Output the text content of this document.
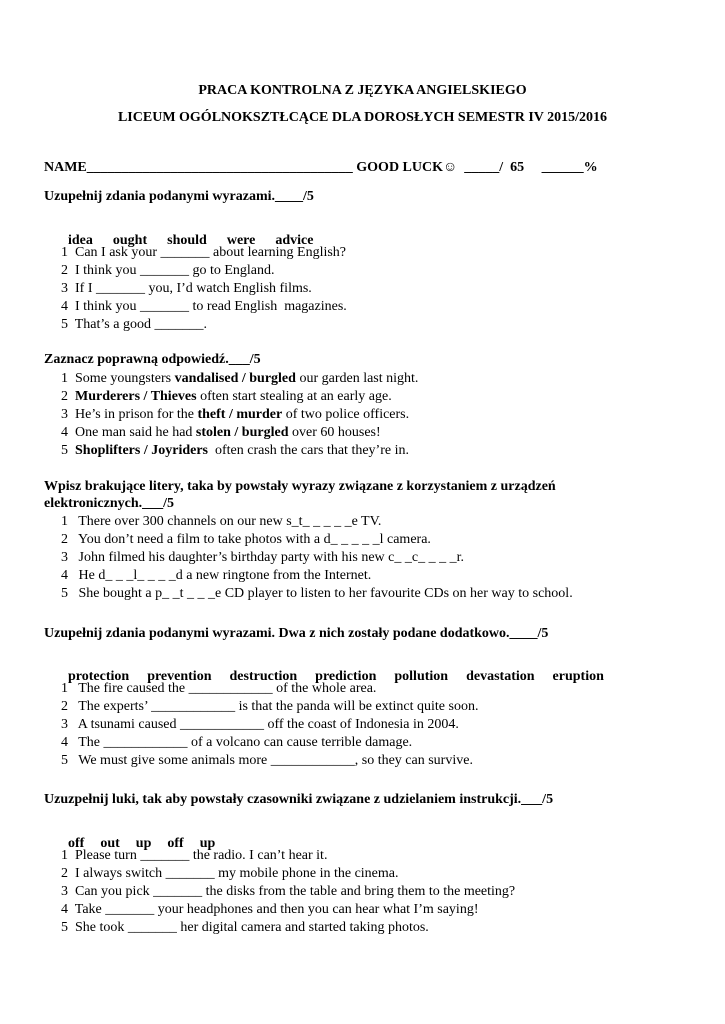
PRACA KONTROLNA Z JĘZYKA ANGIELSKIEGO
LICEUM OGÓLNOKSZTŁCĄCE DLA DOROSŁYCH SEMESTR IV 2015/2016
NAME______________________________________ GOOD LUCK☺  _____/  65     ______%
Uzupełnij zdania podanymi wyrazami.____/5

idea ought should were advice

1  Can I ask your _______ about learning English?
2  I think you _______ go to England.
3  If I _______ you, I’d watch English films.
4  I think you _______ to read English  magazines.
5  That’s a good _______.
Zaznacz poprawną odpowiedź.___/5
1 Some youngsters vandalised / burgled our garden last night.
2 Murderers / Thieves often start stealing at an early age.
3 He’s in prison for the theft / murder of two police officers.
4 One man said he had stolen / burgled over 60 houses!
5 Shoplifters / Joyriders  often crash the cars that they’re in.
Wpisz brakujące litery, taka by powstały wyrazy związane z korzystaniem z urządzeń
elektronicznych.___/5
1   There over 300 channels on our new s_t_ _ _ _ _e TV.
2   You don’t need a film to take photos with a d_ _ _ _ _l camera.
3   John filmed his daughter’s birthday party with his new c_ _c_ _ _ _r.
4   He d_ _ _l_ _ _ _d a new ringtone from the Internet.
5   She bought a p_ _t _ _ _e CD player to listen to her favourite CDs on her way to school.
Uzupełnij zdania podanymi wyrazami. Dwa z nich zostały podane dodatkowo.____/5

protection prevention destruction prediction pollution devastation eruption

1   The fire caused the ____________ of the whole area.
2   The experts’ ____________ is that the panda will be extinct quite soon.
3   A tsunami caused ____________ off the coast of Indonesia in 2004.
4   The ____________ of a volcano can cause terrible damage.
5   We must give some animals more ____________, so they can survive.
Uzuzpełnij luki, tak aby powstały czasowniki związane z udzielaniem instrukcji.___/5

off out up off up

1  Please turn _______ the radio. I can’t hear it.
2  I always switch _______ my mobile phone in the cinema.
3  Can you pick _______ the disks from the table and bring them to the meeting?
4  Take _______ your headphones and then you can hear what I’m saying!
5  She took _______ her digital camera and started taking photos.
